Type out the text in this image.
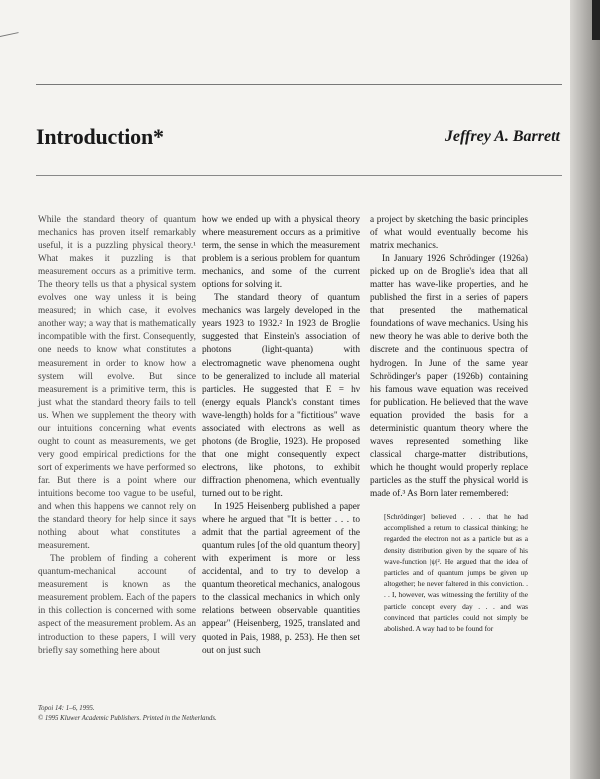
Introduction*	Jeffrey A. Barrett

While the standard theory of quantum mechanics has proven itself remarkably useful, it is a puzzling physical theory.¹ What makes it puzzling is that measurement occurs as a primitive term. The theory tells us that a physical system evolves one way unless it is being measured; in which case, it evolves another way; a way that is mathematically incompatible with the first. Consequently, one needs to know what constitutes a measurement in order to know how a system will evolve. But since measurement is a primitive term, this is just what the standard theory fails to tell us. When we supplement the theory with our intuitions concerning what events ought to count as measurements, we get very good empirical predictions for the sort of experiments we have performed so far. But there is a point where our intuitions become too vague to be useful, and when this happens we cannot rely on the standard theory for help since it says nothing about what constitutes a measurement.

The problem of finding a coherent quantum-mechanical account of measurement is known as the measurement problem. Each of the papers in this collection is concerned with some aspect of the measurement problem. As an introduction to these papers, I will very briefly say something here about

how we ended up with a physical theory where measurement occurs as a primitive term, the sense in which the measurement problem is a serious problem for quantum mechanics, and some of the current options for solving it.

The standard theory of quantum mechanics was largely developed in the years 1923 to 1932.² In 1923 de Broglie suggested that Einstein's association of photons (light-quanta) with electromagnetic wave phenomena ought to be generalized to include all material particles. He suggested that E = hν (energy equals Planck's constant times wave-length) holds for a "fictitious" wave associated with electrons as well as photons (de Broglie, 1923). He proposed that one might consequently expect electrons, like photons, to exhibit diffraction phenomena, which eventually turned out to be right.

In 1925 Heisenberg published a paper where he argued that "It is better . . . to admit that the partial agreement of the quantum rules [of the old quantum theory] with experiment is more or less accidental, and to try to develop a quantum theoretical mechanics, analogous to the classical mechanics in which only relations between observable quantities appear" (Heisenberg, 1925, translated and quoted in Pais, 1988, p. 253). He then set out on just such

a project by sketching the basic principles of what would eventually become his matrix mechanics.

In January 1926 Schrödinger (1926a) picked up on de Broglie's idea that all matter has wave-like properties, and he published the first in a series of papers that presented the mathematical foundations of wave mechanics. Using his new theory he was able to derive both the discrete and the continuous spectra of hydrogen. In June of the same year Schrödinger's paper (1926b) containing his famous wave equation was received for publication. He believed that the wave equation provided the basis for a deterministic quantum theory where the waves represented something like classical charge-matter distributions, which he thought would properly replace particles as the stuff the physical world is made of.³ As Born later remembered:

[Schrödinger] believed . . . that he had accomplished a return to classical thinking; he regarded the electron not as a particle but as a density distribution given by the square of his wave-function |ψ|². He argued that the idea of particles and of quantum jumps be given up altogether; he never faltered in this conviction. . . . I, however, was witnessing the fertility of the particle concept every day . . . and was convinced that particles could not simply be abolished. A way had to be found for

Topoi 14: 1–6, 1995.
© 1995 Kluwer Academic Publishers. Printed in the Netherlands.
